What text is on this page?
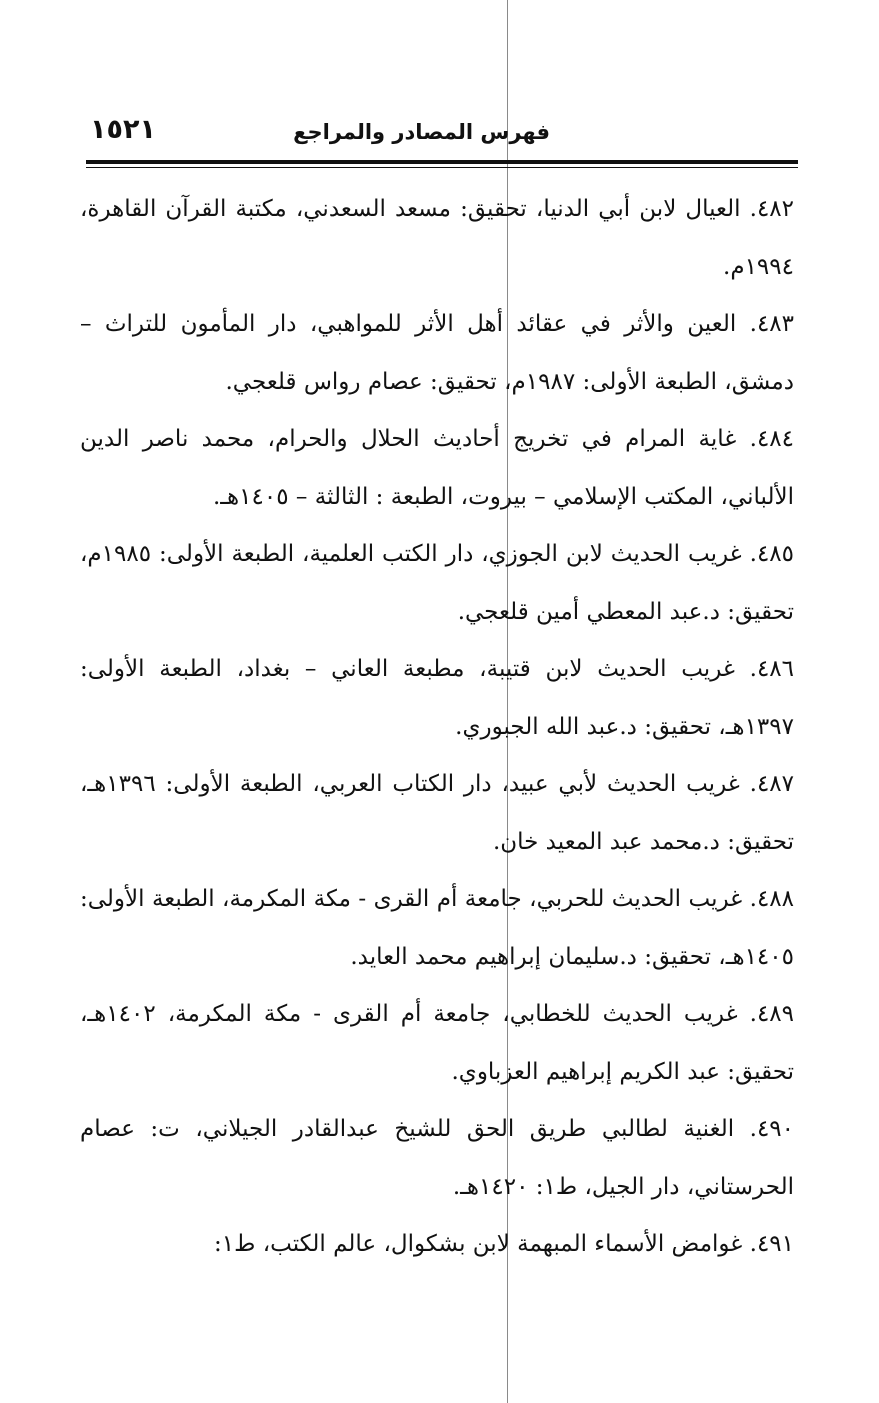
١٥٢١	فهرس المصادر والمراجع

٤٨٢. العيال لابن أبي الدنيا، تحقيق: مسعد السعدني، مكتبة القرآن القاهرة، ١٩٩٤م.

٤٨٣. العين والأثر في عقائد أهل الأثر للمواهبي، دار المأمون للتراث – دمشق، الطبعة الأولى: ١٩٨٧م، تحقيق: عصام رواس قلعجي.

٤٨٤. غاية المرام في تخريج أحاديث الحلال والحرام، محمد ناصر الدين الألباني، المكتب الإسلامي – بيروت، الطبعة : الثالثة – ١٤٠٥هـ.

٤٨٥. غريب الحديث لابن الجوزي، دار الكتب العلمية، الطبعة الأولى: ١٩٨٥م، تحقيق: د.عبد المعطي أمين قلعجي.

٤٨٦. غريب الحديث لابن قتيبة، مطبعة العاني – بغداد، الطبعة الأولى: ١٣٩٧هـ، تحقيق: د.عبد الله الجبوري.

٤٨٧. غريب الحديث لأبي عبيد، دار الكتاب العربي، الطبعة الأولى: ١٣٩٦هـ، تحقيق: د.محمد عبد المعيد خان.

٤٨٨. غريب الحديث للحربي، جامعة أم القرى - مكة المكرمة، الطبعة الأولى: ١٤٠٥هـ، تحقيق: د.سليمان إبراهيم محمد العايد.

٤٨٩. غريب الحديث للخطابي، جامعة أم القرى - مكة المكرمة، ١٤٠٢هـ، تحقيق: عبد الكريم إبراهيم العزباوي.

٤٩٠. الغنية لطالبي طريق الحق للشيخ عبدالقادر الجيلاني، ت: عصام الحرستاني، دار الجيل، ط١: ١٤٢٠هـ.

٤٩١. غوامض الأسماء المبهمة لابن بشكوال، عالم الكتب، ط١:
